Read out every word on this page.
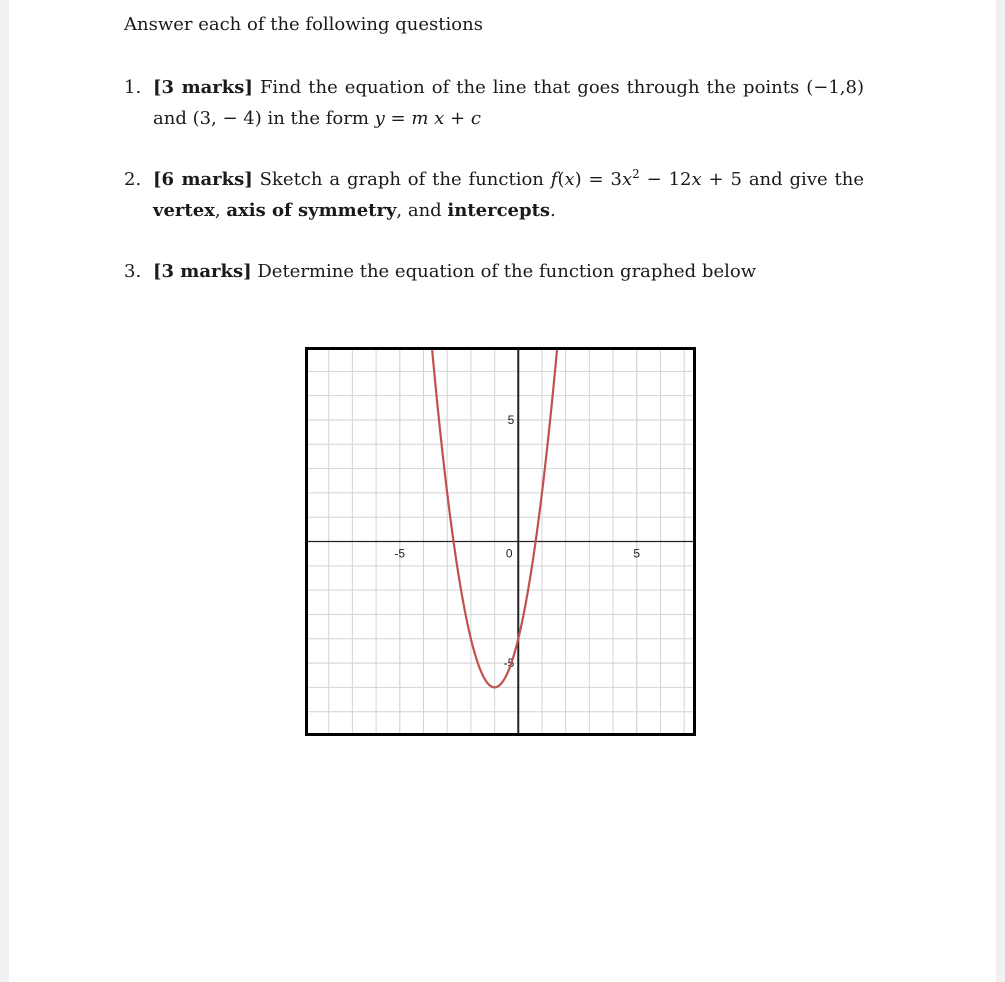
Answer each of the following questions
1. [3 marks] Find the equation of the line that goes through the points (−1,8)
and (3, − 4) in the form y = m x + c
2. [6 marks] Sketch a graph of the function $f(x) = 3x^2 - 12x + 5$ and give the
vertex, axis of symmetry, and intercepts.
3. [3 marks] Determine the equation of the function graphed below
-5	0	5
5
-5
